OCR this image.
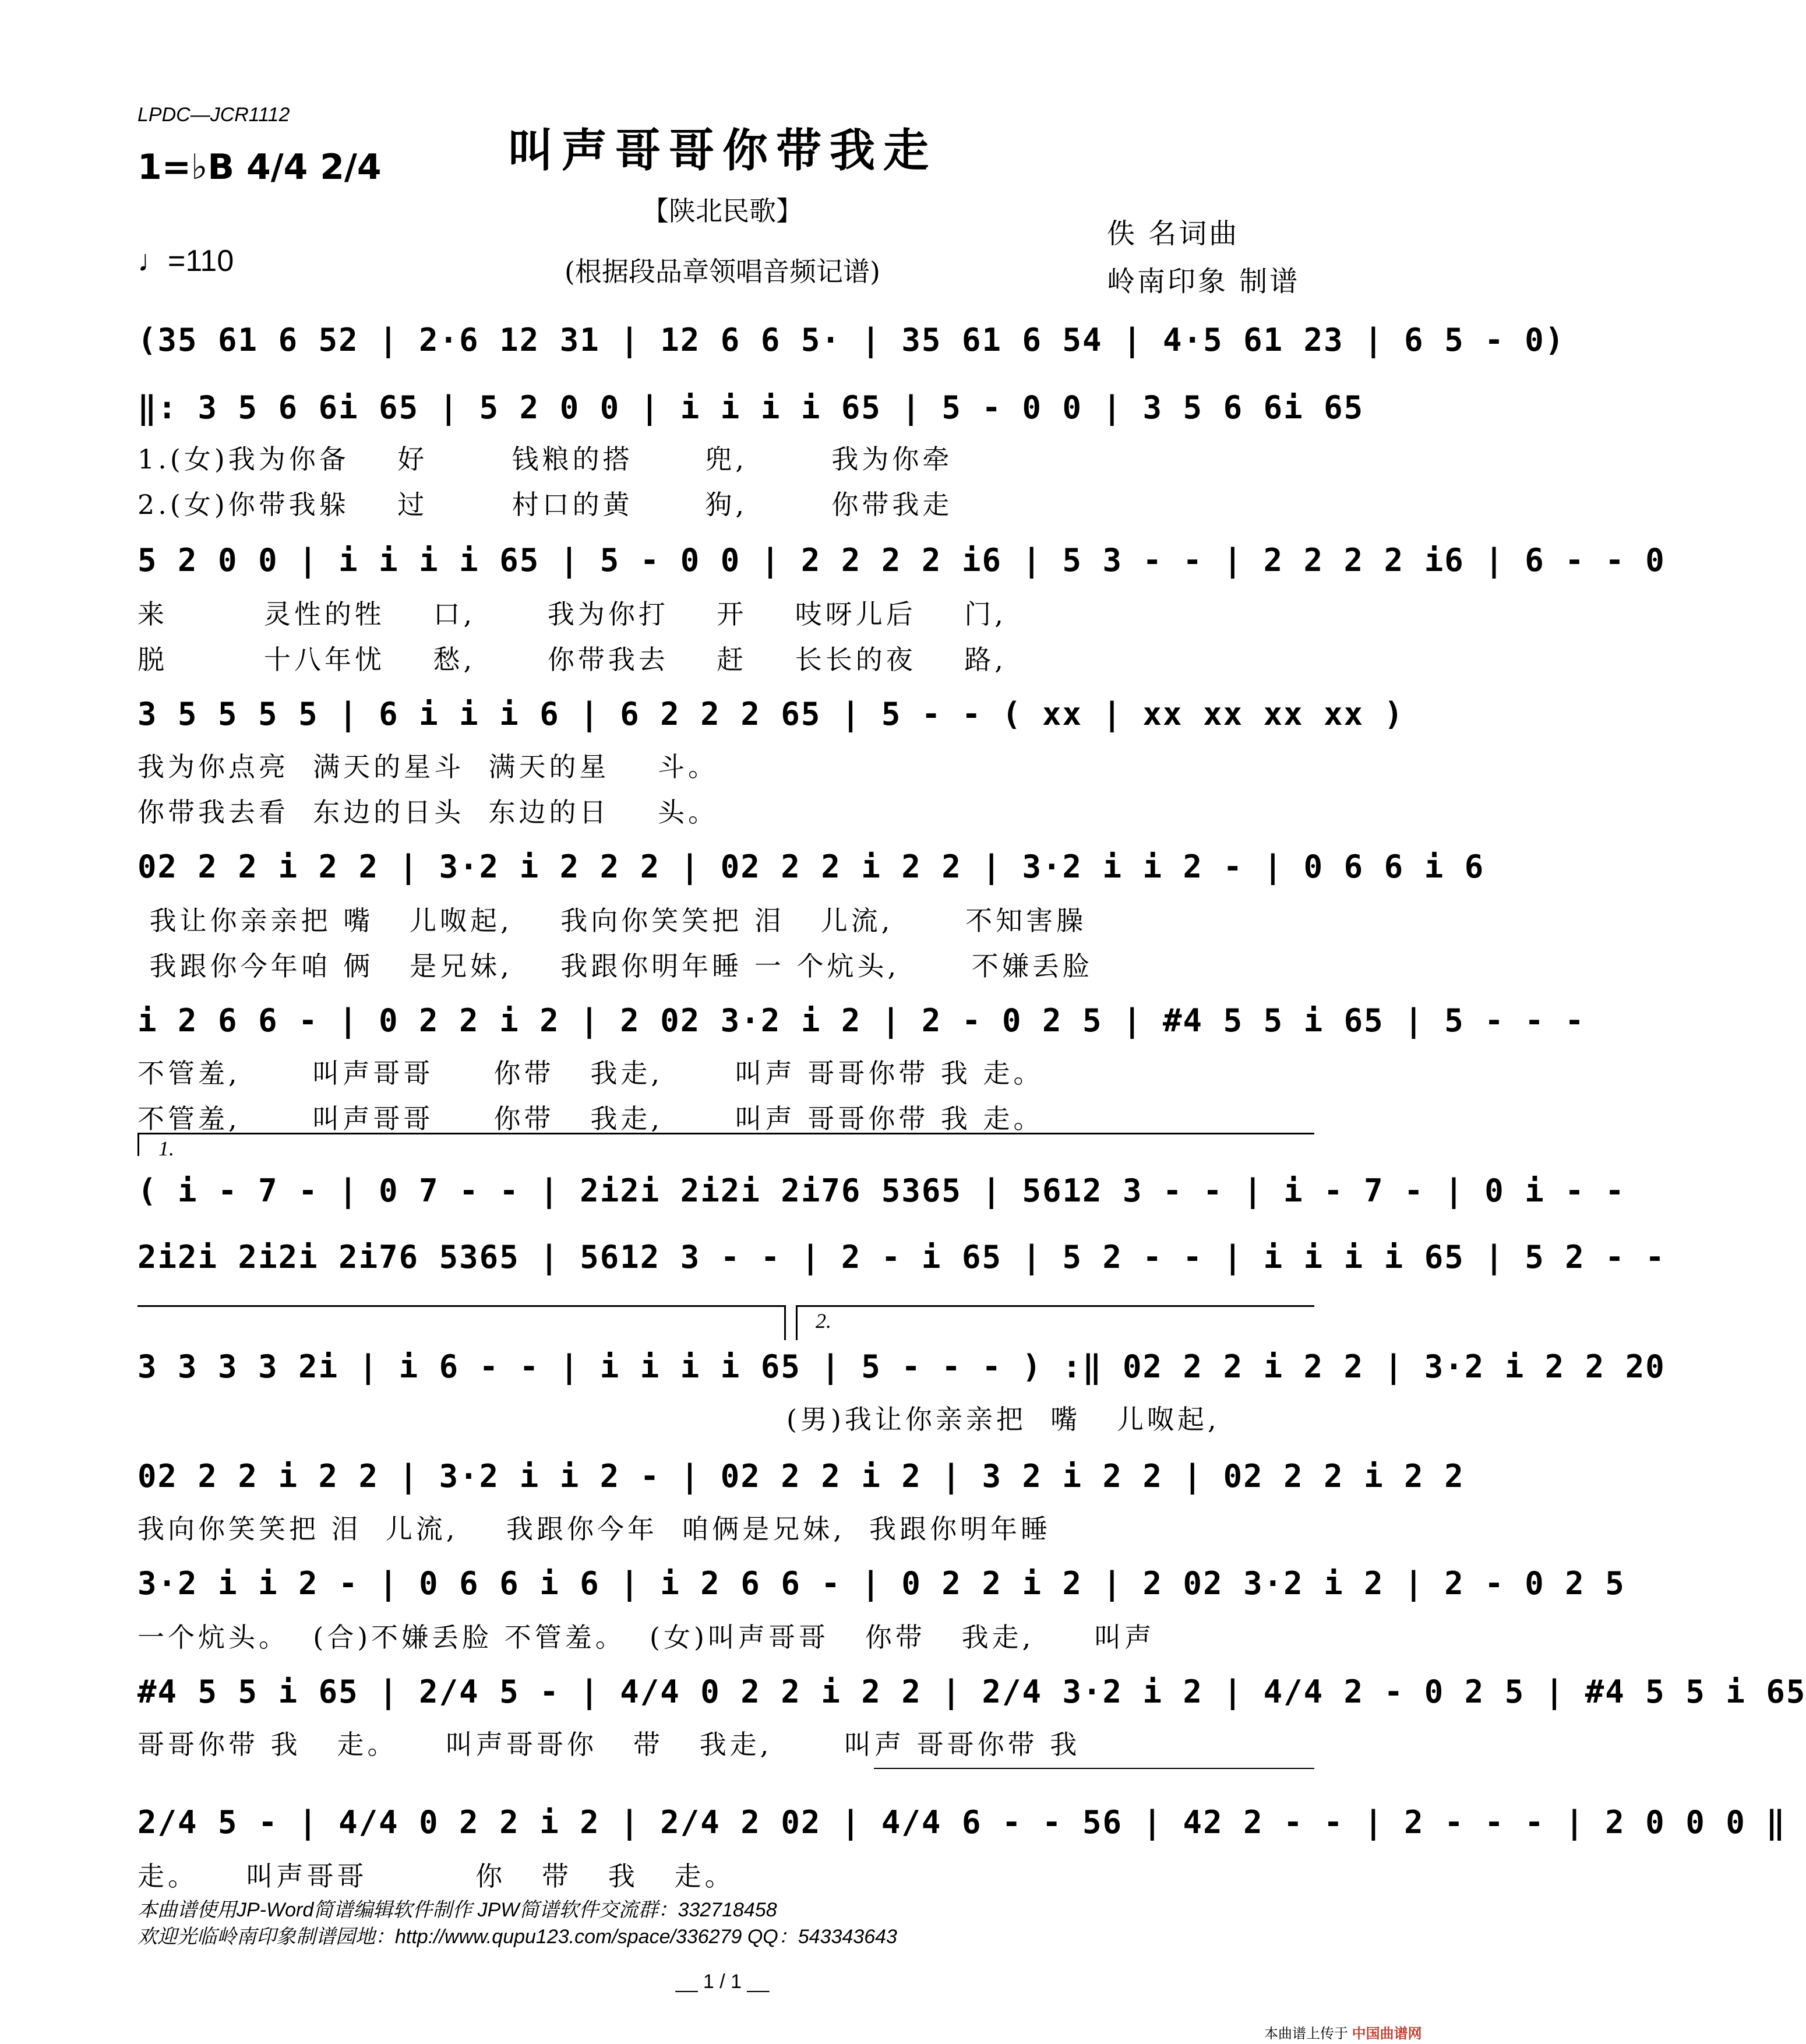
LPDC—JCR1112
叫声哥哥你带我走
1=♭B 4/4 2/4
【陕北民歌】
佚 名词曲
♩=110	(根据段品章领唱音频记谱)	岭南印象 制谱
(35 61 6 52 | 2·6 12 31 | 12 6 6 5· | 35 61 6 54 | 4·5 61 23 | 6 5 - 0)
‖: 3 5 6 6i 65 | 5 2 0 0 | i i i i 65 | 5 - 0 0 | 3 5 6 6i 65
1.(女)我为你备    好       钱粮的搭      兜,       我为你牵
2.(女)你带我躲    过       村口的黄      狗,       你带我走
5 2 0 0 | i i i i 65 | 5 - 0 0 | 2 2 2 2 i6 | 5 3 - - | 2 2 2 2 i6 | 6 - - 0
来        灵性的牲    口,      我为你打    开    吱呀儿后    门,
脱        十八年忧    愁,      你带我去    赶    长长的夜    路,
3 5 5 5 5 | 6 i i i 6 | 6 2 2 2 65 | 5 - - ( xx | xx xx xx xx )
我为你点亮  满天的星斗  满天的星    斗。
你带我去看  东边的日头  东边的日    头。
02 2 2 i 2 2 | 3·2 i 2 2 2 | 02 2 2 i 2 2 | 3·2 i i 2 - | 0 6 6 i 6
我让你亲亲把 嘴   儿呶起,    我向你笑笑把 泪   儿流,      不知害臊
我跟你今年咱 俩   是兄妹,    我跟你明年睡 一 个炕头,      不嫌丢脸
i 2 6 6 - | 0 2 2 i 2 | 2 02 3·2 i 2 | 2 - 0 2 5 | #4 5 5 i 65 | 5 - - -
不管羞,      叫声哥哥     你带   我走,      叫声 哥哥你带 我 走。
不管羞,      叫声哥哥     你带   我走,      叫声 哥哥你带 我 走。
1.
( i - 7 - | 0 7 - - | 2i2i 2i2i 2i76 5365 | 5612 3 - - | i - 7 - | 0 i - -
2i2i 2i2i 2i76 5365 | 5612 3 - - | 2 - i 65 | 5 2 - - | i i i i 65 | 5 2 - -
2.
3 3 3 3 2i | i 6 - - | i i i i 65 | 5 - - - ) :‖ 02 2 2 i 2 2 | 3·2 i 2 2 20
(男)我让你亲亲把  嘴   儿呶起,
02 2 2 i 2 2 | 3·2 i i 2 - | 02 2 2 i 2 | 3 2 i 2 2 | 02 2 2 i 2 2
我向你笑笑把 泪  儿流,    我跟你今年  咱俩是兄妹,  我跟你明年睡
3·2 i i 2 - | 0 6 6 i 6 | i 2 6 6 - | 0 2 2 i 2 | 2 02 3·2 i 2 | 2 - 0 2 5
一个炕头。  (合)不嫌丢脸 不管羞。  (女)叫声哥哥   你带   我走,     叫声
#4 5 5 i 65 | 2/4 5 - | 4/4 0 2 2 i 2 2 | 2/4 3·2 i 2 | 4/4 2 - 0 2 5 | #4 5 5 i 65
哥哥你带 我   走。    叫声哥哥你   带   我走,      叫声 哥哥你带 我
2/4 5 - | 4/4 0 2 2 i 2 | 2/4 2 02 | 4/4 6 - - 56 | 42 2 - - | 2 - - - | 2 0 0 0 ‖
走。    叫声哥哥         你   带   我   走。
本曲谱使用JP-Word简谱编辑软件制作 JPW简谱软件交流群：332718458
欢迎光临岭南印象制谱园地：http://www.qupu123.com/space/336279 QQ：543343643
__ 1 / 1 __
本曲谱上传于 中国曲谱网
